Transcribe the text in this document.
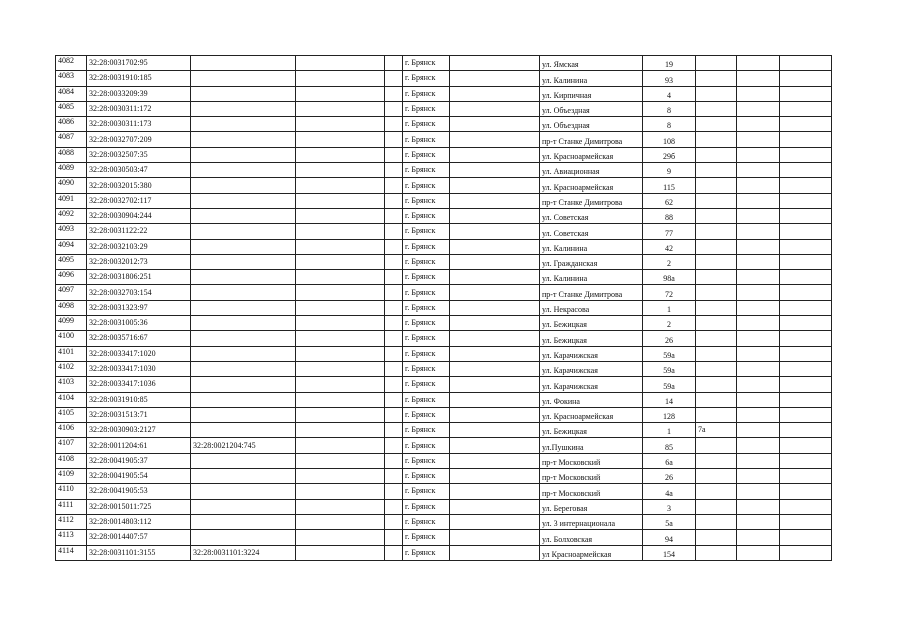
4082	32:28:0031702:95				г. Брянск		ул. Ямская	19			
4083	32:28:0031910:185				г. Брянск		ул. Калинина	93			
4084	32:28:0033209:39				г. Брянск		ул. Кирпичная	4			
4085	32:28:0030311:172				г. Брянск		ул. Объездная	8			
4086	32:28:0030311:173				г. Брянск		ул. Объездная	8			
4087	32:28:0032707:209				г. Брянск		пр-т Станке Димитрова	108			
4088	32:28:0032507:35				г. Брянск		ул. Красноармейская	29б			
4089	32:28:0030503:47				г. Брянск		ул. Авиационная	9			
4090	32:28:0032015:380				г. Брянск		ул. Красноармейская	115			
4091	32:28:0032702:117				г. Брянск		пр-т Станке Димитрова	62			
4092	32:28:0030904:244				г. Брянск		ул. Советская	88			
4093	32:28:0031122:22				г. Брянск		ул. Советская	77			
4094	32:28:0032103:29				г. Брянск		ул. Калинина	42			
4095	32:28:0032012:73				г. Брянск		ул. Гражданская	2			
4096	32:28:0031806:251				г. Брянск		ул. Калинина	98а			
4097	32:28:0032703:154				г. Брянск		пр-т Станке Димитрова	72			
4098	32:28:0031323:97				г. Брянск		ул. Некрасова	1			
4099	32:28:0031005:36				г. Брянск		ул. Бежицкая	2			
4100	32:28:0035716:67				г. Брянск		ул. Бежицкая	26			
4101	32:28:0033417:1020				г. Брянск		ул. Карачижская	59а			
4102	32:28:0033417:1030				г. Брянск		ул. Карачижская	59а			
4103	32:28:0033417:1036				г. Брянск		ул. Карачижская	59а			
4104	32:28:0031910:85				г. Брянск		ул. Фокина	14			
4105	32:28:0031513:71				г. Брянск		ул. Красноармейская	128			
4106	32:28:0030903:2127				г. Брянск		ул. Бежицкая	1	7а		
4107	32:28:0011204:61	32:28:0021204:745			г. Брянск		ул.Пушкина	85			
4108	32:28:0041905:37				г. Брянск		пр-т Московский	6а			
4109	32:28:0041905:54				г. Брянск		пр-т Московский	26			
4110	32:28:0041905:53				г. Брянск		пр-т Московский	4а			
4111	32:28:0015011:725				г. Брянск		ул. Береговая	3			
4112	32:28:0014803:112				г. Брянск		ул. 3 интернационала	5а			
4113	32:28:0014407:57				г. Брянск		ул. Болховская	94			
4114	32:28:0031101:3155	32:28:0031101:3224			г. Брянск		ул Красноармейская	154			
